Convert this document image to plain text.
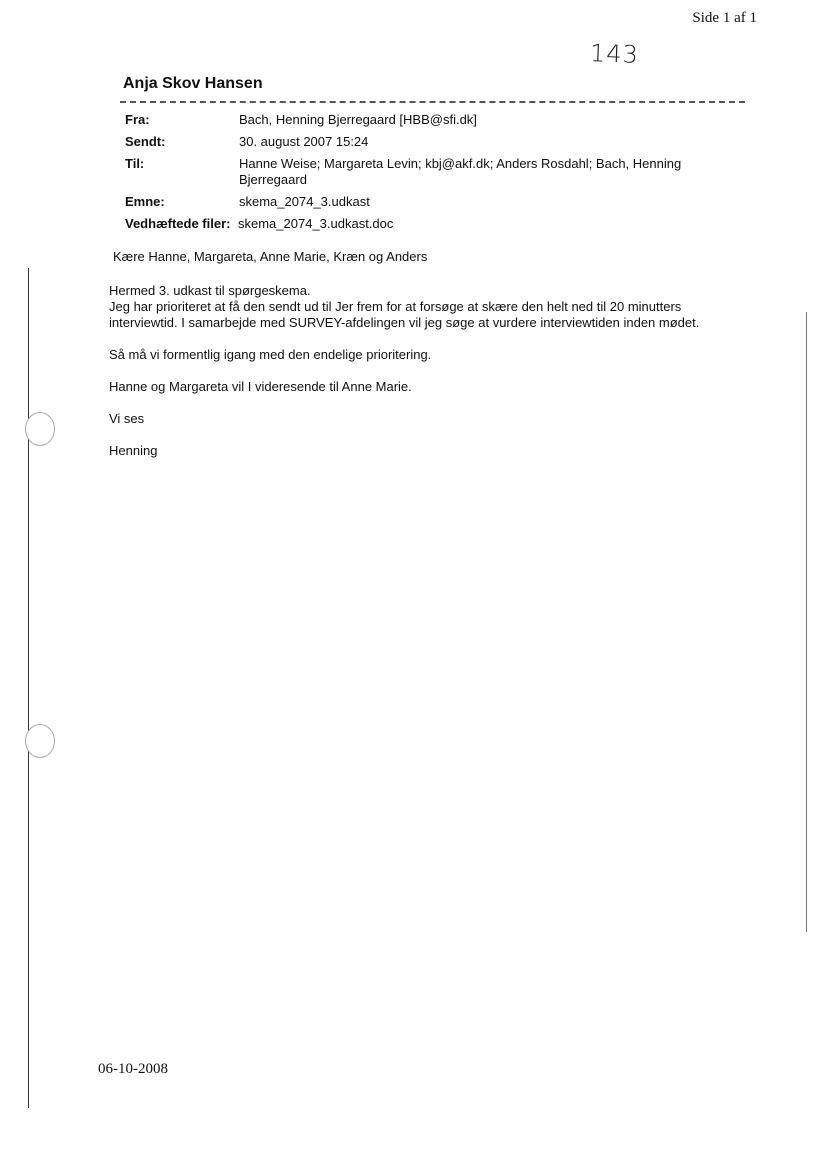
Side 1 af 1
143
Anja Skov Hansen
Fra:	Bach, Henning Bjerregaard [HBB@sfi.dk]
Sendt:	30. august 2007 15:24
Til:	Hanne Weise; Margareta Levin; kbj@akf.dk; Anders Rosdahl; Bach, Henning Bjerregaard
Emne:	skema_2074_3.udkast
Vedhæftede filer: skema_2074_3.udkast.doc

Kære Hanne, Margareta, Anne Marie, Kræn og Anders

Hermed 3. udkast til spørgeskema.
Jeg har prioriteret at få den sendt ud til Jer frem for at forsøge at skære den helt ned til 20 minutters interviewtid. I samarbejde med SURVEY-afdelingen vil jeg søge at vurdere interviewtiden inden mødet.

Så må vi formentlig igang med den endelige prioritering.

Hanne og Margareta vil I videresende til Anne Marie.

Vi ses

Henning

06-10-2008
